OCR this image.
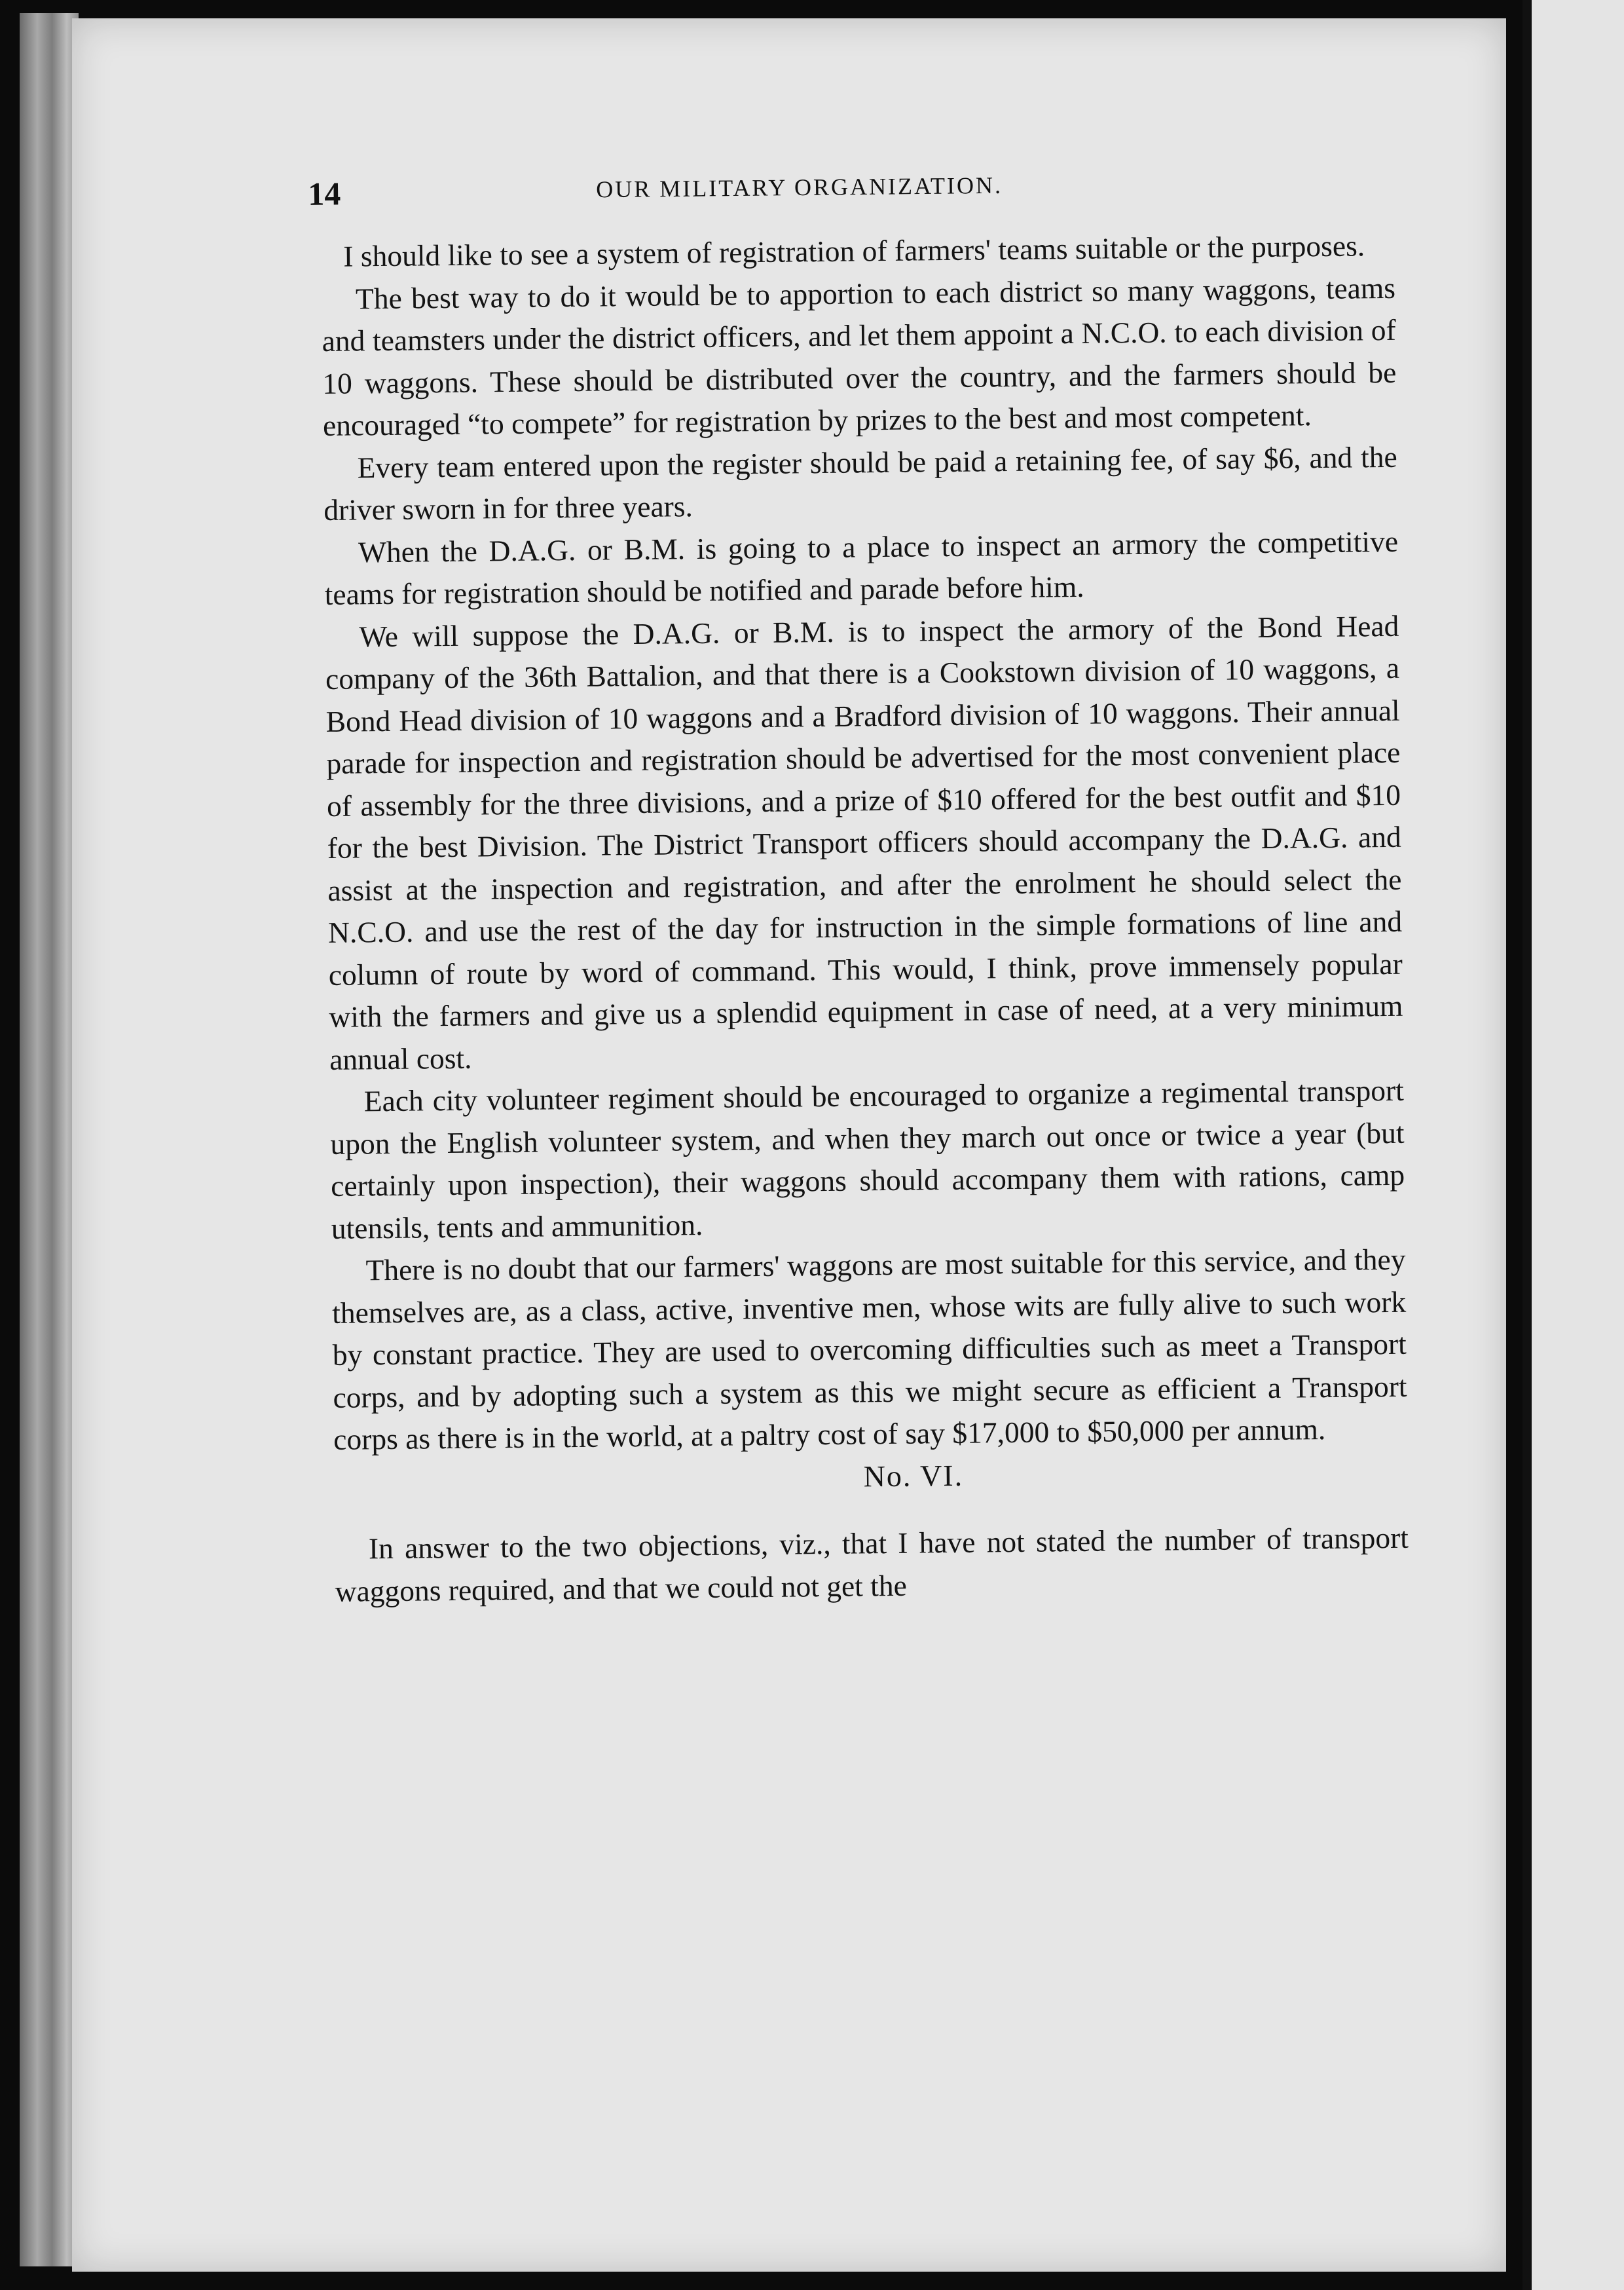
14	OUR MILITARY ORGANIZATION.

I should like to see a system of registration of farmers' teams suitable or the purposes.

The best way to do it would be to apportion to each district so many waggons, teams and teamsters under the district officers, and let them appoint a N.C.O. to each division of 10 waggons. These should be distributed over the country, and the farmers should be encouraged “to compete” for registration by prizes to the best and most competent.

Every team entered upon the register should be paid a retaining fee, of say $6, and the driver sworn in for three years.

When the D.A.G. or B.M. is going to a place to inspect an armory the competitive teams for registration should be notified and parade before him.

We will suppose the D.A.G. or B.M. is to inspect the armory of the Bond Head company of the 36th Battalion, and that there is a Cookstown division of 10 waggons, a Bond Head division of 10 waggons and a Bradford division of 10 waggons. Their annual parade for inspection and registration should be advertised for the most convenient place of assembly for the three divisions, and a prize of $10 offered for the best outfit and $10 for the best Division. The District Transport officers should accompany the D.A.G. and assist at the inspection and registration, and after the enrolment he should select the N.C.O. and use the rest of the day for instruction in the simple formations of line and column of route by word of command. This would, I think, prove immensely popular with the farmers and give us a splendid equipment in case of need, at a very minimum annual cost.

Each city volunteer regiment should be encouraged to organize a regimental transport upon the English volunteer system, and when they march out once or twice a year (but certainly upon inspection), their waggons should accompany them with rations, camp utensils, tents and ammunition.

There is no doubt that our farmers' waggons are most suitable for this service, and they themselves are, as a class, active, inventive men, whose wits are fully alive to such work by constant practice. They are used to overcoming difficulties such as meet a Transport corps, and by adopting such a system as this we might secure as efficient a Transport corps as there is in the world, at a paltry cost of say $17,000 to $50,000 per annum.

No. VI.

In answer to the two objections, viz., that I have not stated the number of transport waggons required, and that we could not get the
